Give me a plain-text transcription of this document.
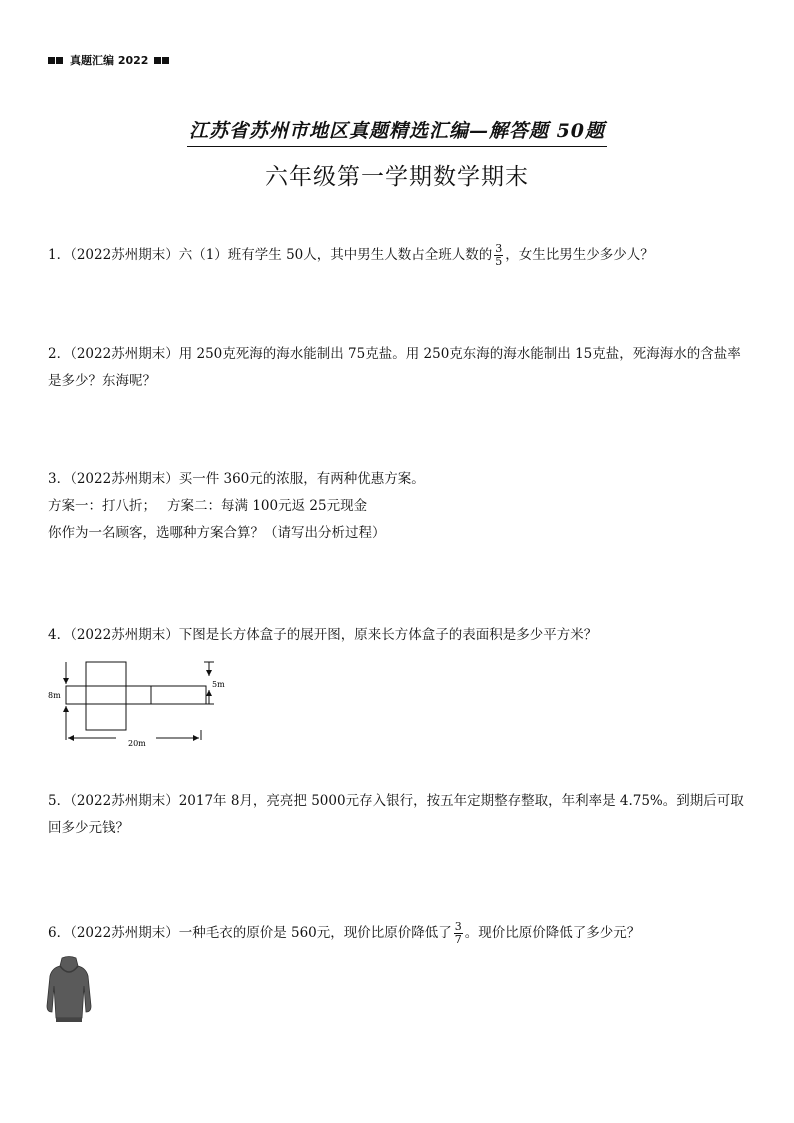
真题汇编 2022
江苏省苏州市地区真题精选汇编—解答题 50题
六年级第一学期数学期末
1．（2022苏州期末）六（1）班有学生 50人，其中男生人数占全班人数的 $\frac{3}{5}$ ，女生比男生少多少人？
2．（2022苏州期末）用 250克死海的海水能制出 75克盐。用 250克东海的海水能制出 15克盐，死海海水的含盐率
是多少？东海呢？
3．（2022苏州期末）买一件 360元的浓服，有两种优惠方案。
方案一：打八折；　 方案二：每满 100元返 25元现金
你作为一名顾客，选哪种方案合算？（请写出分析过程）
4．（2022苏州期末）下图是长方体盒子的展开图，原来长方体盒子的表面积是多少平方米？
8m
5m
20m
5．（2022苏州期末）2017年 8月，亮亮把 5000元存入银行，按五年定期整存整取，年利率是 4.75%。到期后可取
回多少元钱？
6．（2022苏州期末）一种毛衣的原价是 560元，现价比原价降低了 $\frac{3}{7}$ 。现价比原价降低了多少元？
